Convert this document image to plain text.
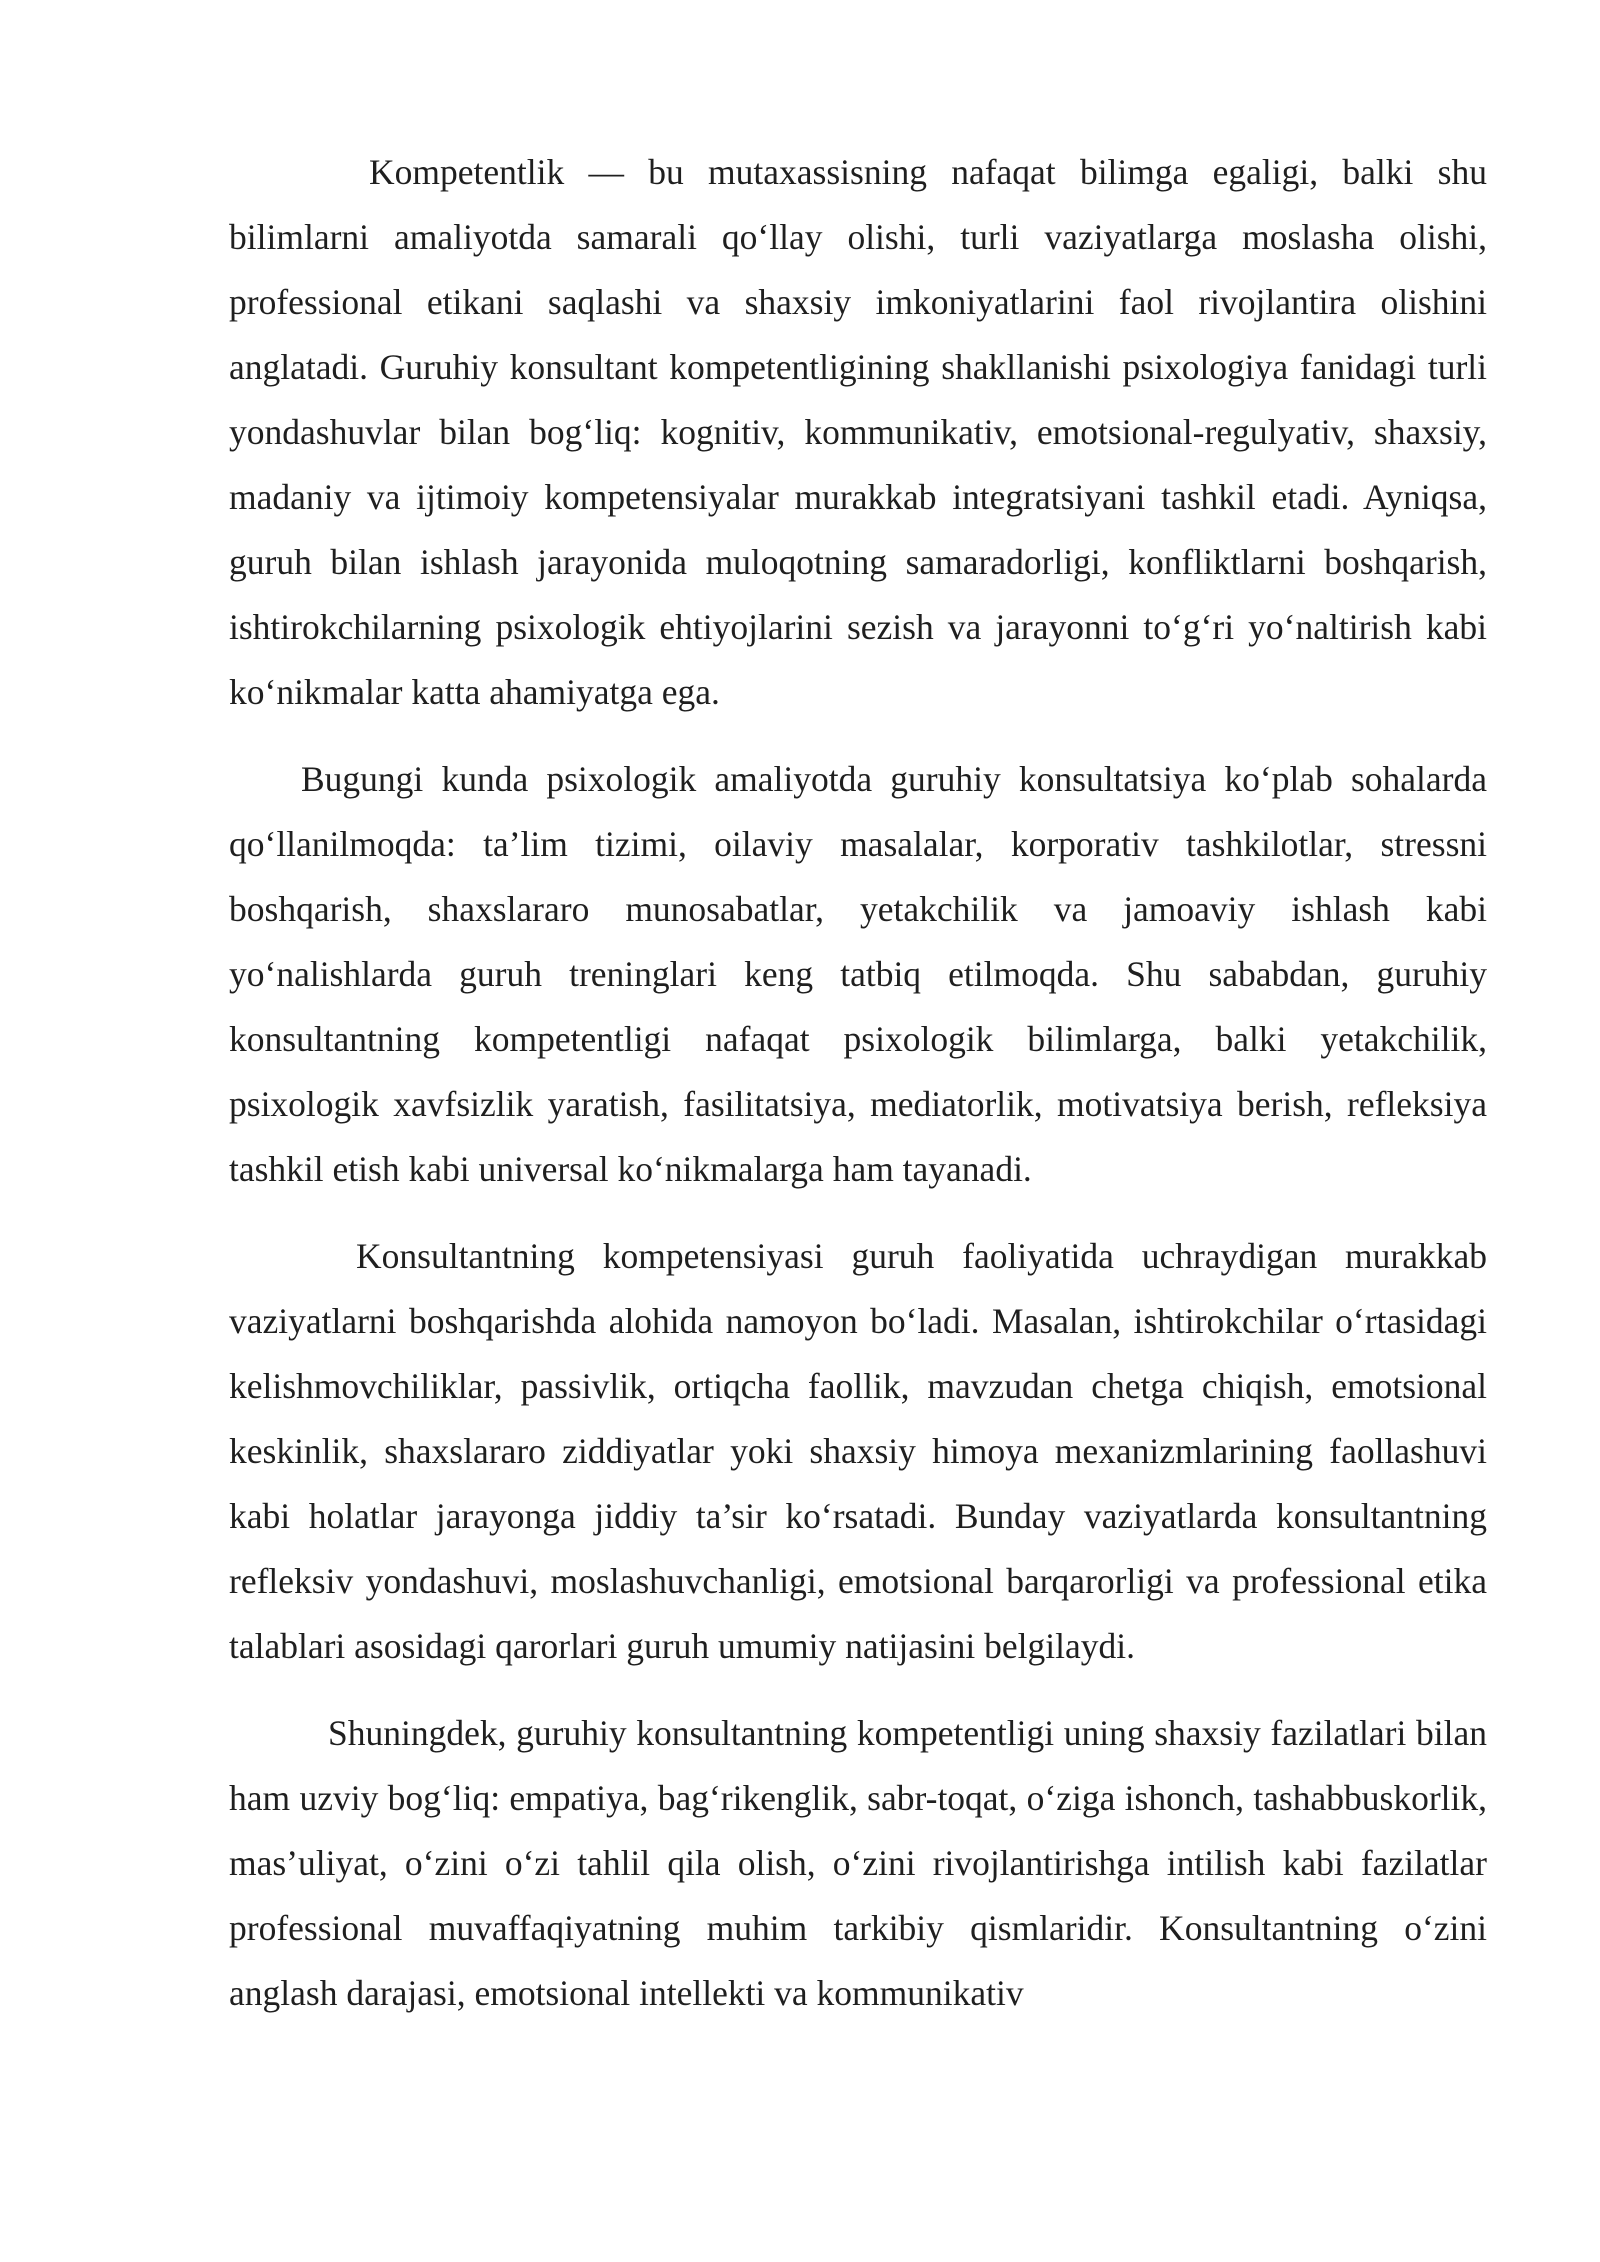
Kompetentlik — bu mutaxassisning nafaqat bilimga egaligi, balki shu bilimlarni amaliyotda samarali qo‘llay olishi, turli vaziyatlarga moslasha olishi, professional etikani saqlashi va shaxsiy imkoniyatlarini faol rivojlantira olishini anglatadi. Guruhiy konsultant kompetentligining shakllanishi psixologiya fanidagi turli yondashuvlar bilan bog‘liq: kognitiv, kommunikativ, emotsional-regulyativ, shaxsiy, madaniy va ijtimoiy kompetensiyalar murakkab integratsiyani tashkil etadi. Ayniqsa, guruh bilan ishlash jarayonida muloqotning samaradorligi, konfliktlarni boshqarish, ishtirokchilarning psixologik ehtiyojlarini sezish va jarayonni to‘g‘ri yo‘naltirish kabi ko‘nikmalar katta ahamiyatga ega.

Bugungi kunda psixologik amaliyotda guruhiy konsultatsiya ko‘plab sohalarda qo‘llanilmoqda: ta’lim tizimi, oilaviy masalalar, korporativ tashkilotlar, stressni boshqarish, shaxslararo munosabatlar, yetakchilik va jamoaviy ishlash kabi yo‘nalishlarda guruh treninglari keng tatbiq etilmoqda. Shu sababdan, guruhiy konsultantning kompetentligi nafaqat psixologik bilimlarga, balki yetakchilik, psixologik xavfsizlik yaratish, fasilitatsiya, mediatorlik, motivatsiya berish, refleksiya tashkil etish kabi universal ko‘nikmalarga ham tayanadi.

Konsultantning kompetensiyasi guruh faoliyatida uchraydigan murakkab vaziyatlarni boshqarishda alohida namoyon bo‘ladi. Masalan, ishtirokchilar o‘rtasidagi kelishmovchiliklar, passivlik, ortiqcha faollik, mavzudan chetga chiqish, emotsional keskinlik, shaxslararo ziddiyatlar yoki shaxsiy himoya mexanizmlarining faollashuvi kabi holatlar jarayonga jiddiy ta’sir ko‘rsatadi. Bunday vaziyatlarda konsultantning refleksiv yondashuvi, moslashuvchanligi, emotsional barqarorligi va professional etika talablari asosidagi qarorlari guruh umumiy natijasini belgilaydi.

Shuningdek, guruhiy konsultantning kompetentligi uning shaxsiy fazilatlari bilan ham uzviy bog‘liq: empatiya, bag‘rikenglik, sabr-toqat, o‘ziga ishonch, tashabbuskorlik, mas’uliyat, o‘zini o‘zi tahlil qila olish, o‘zini rivojlantirishga intilish kabi fazilatlar professional muvaffaqiyatning muhim tarkibiy qismlaridir. Konsultantning o‘zini anglash darajasi, emotsional intellekti va kommunikativ
